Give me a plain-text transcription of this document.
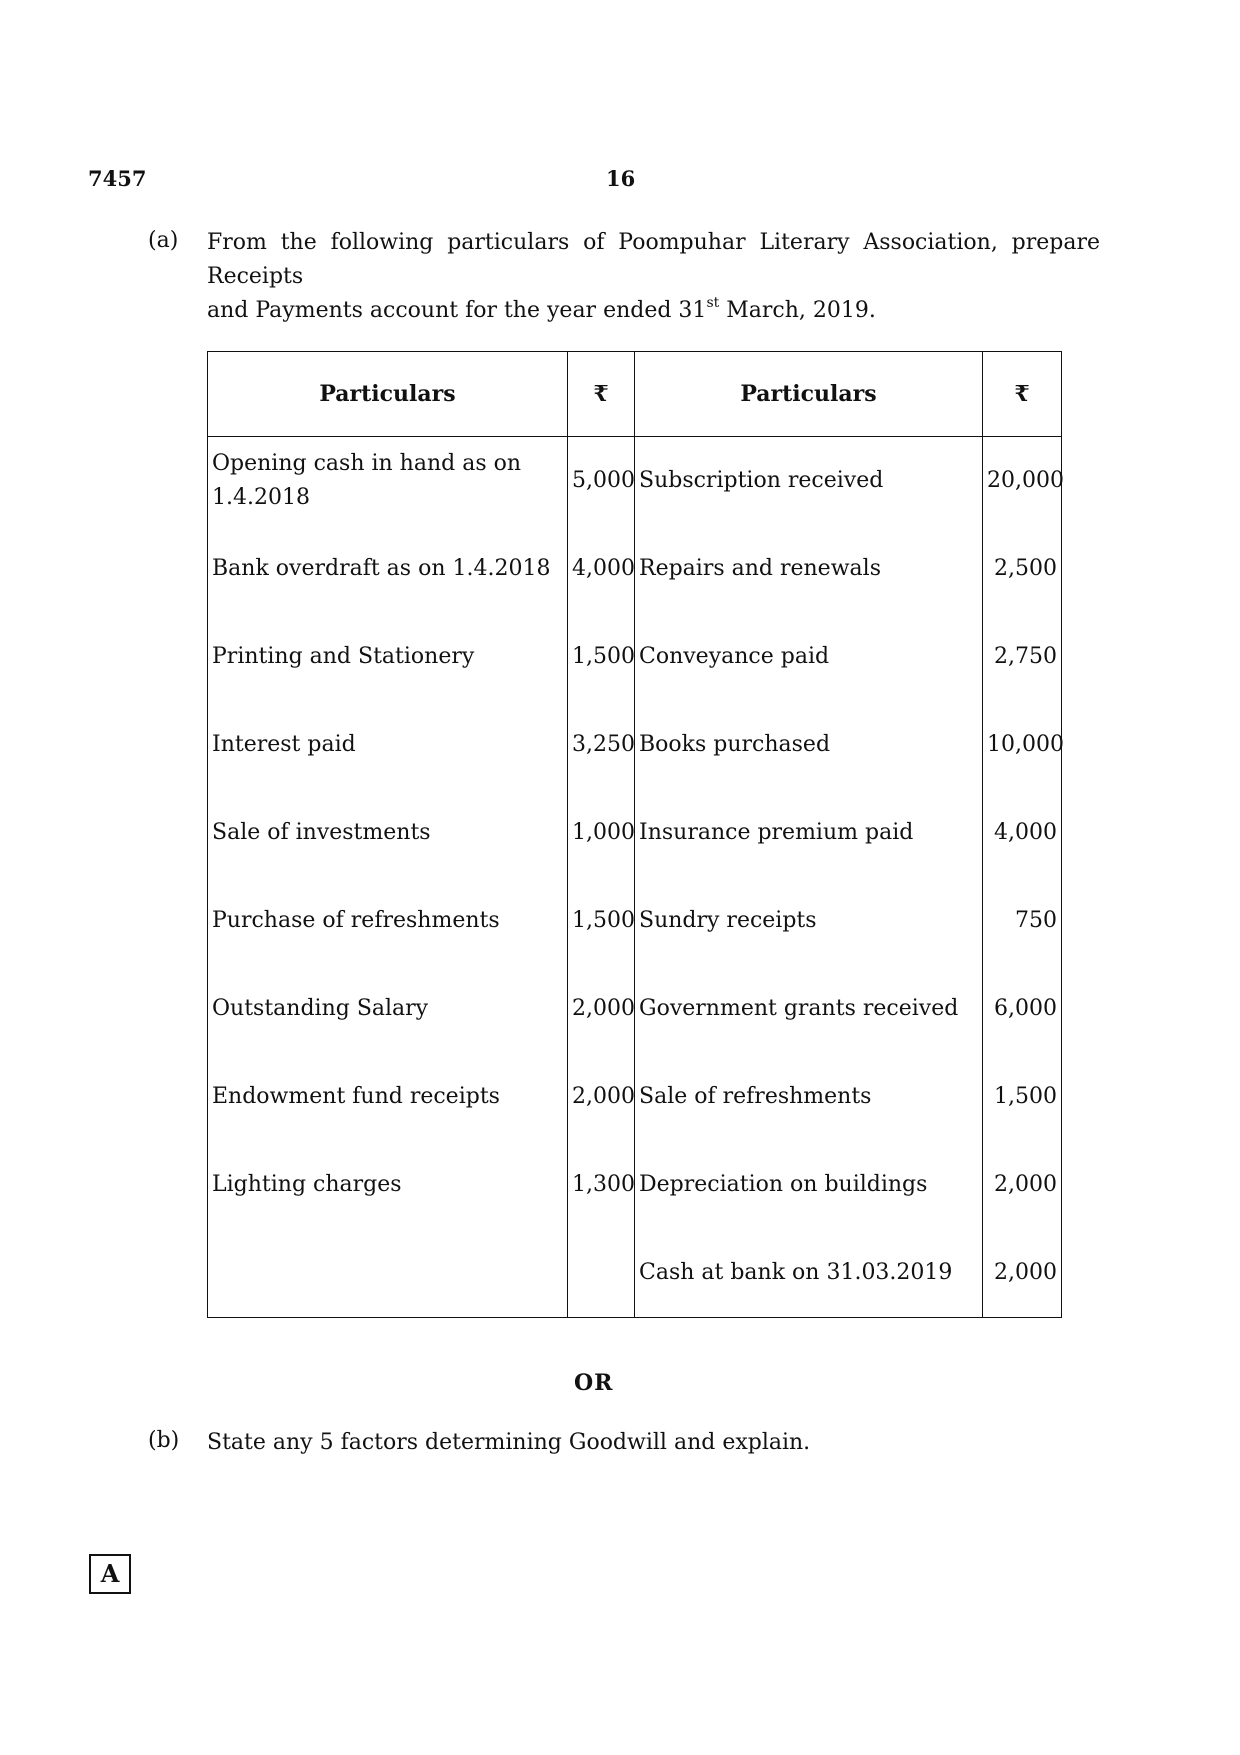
7457	16
(a) From the following particulars of Poompuhar Literary Association, prepare Receipts
and Payments account for the year ended 31st March, 2019.
Particulars	₹	Particulars	₹
Opening cash in hand as on 1.4.2018	5,000	Subscription received	20,000
Bank overdraft as on 1.4.2018	4,000	Repairs and renewals	2,500
Printing and Stationery	1,500	Conveyance paid	2,750
Interest paid	3,250	Books purchased	10,000
Sale of investments	1,000	Insurance premium paid	4,000
Purchase of refreshments	1,500	Sundry receipts	750
Outstanding Salary	2,000	Government grants received	6,000
Endowment fund receipts	2,000	Sale of refreshments	1,500
Lighting charges	1,300	Depreciation on buildings	2,000
		Cash at bank on 31.03.2019	2,000
OR
(b) State any 5 factors determining Goodwill and explain.
A
